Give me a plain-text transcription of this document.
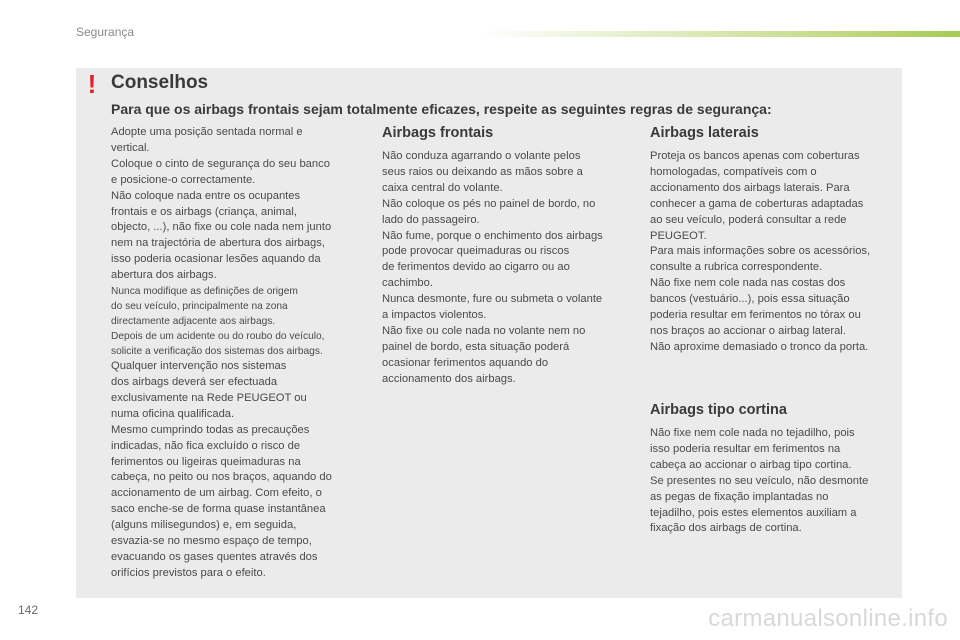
Segurança
! Conselhos
Para que os airbags frontais sejam totalmente eficazes, respeite as seguintes regras de segurança:

Adopte uma posição sentada normal e

vertical.

Coloque o cinto de segurança do seu banco

e posicione-o correctamente.

Não coloque nada entre os ocupantes

frontais e os airbags (criança, animal,

objecto, ...), não fixe ou cole nada nem junto

nem na trajectória de abertura dos airbags,

isso poderia ocasionar lesões aquando da

abertura dos airbags.

Nunca modifique as definições de origem

do seu veículo, principalmente na zona

directamente adjacente aos airbags.

Depois de um acidente ou do roubo do veículo,

solicite a verificação dos sistemas dos airbags.

Qualquer intervenção nos sistemas

dos airbags deverá ser efectuada

exclusivamente na Rede PEUGEOT ou

numa oficina qualificada.

Mesmo cumprindo todas as precauções

indicadas, não fica excluído o risco de

ferimentos ou ligeiras queimaduras na

cabeça, no peito ou nos braços, aquando do

accionamento de um airbag. Com efeito, o

saco enche-se de forma quase instantânea

(alguns milisegundos) e, em seguida,

esvazia-se no mesmo espaço de tempo,

evacuando os gases quentes através dos

orifícios previstos para o efeito.

Airbags frontais

Não conduza agarrando o volante pelos

seus raios ou deixando as mãos sobre a

caixa central do volante.

Não coloque os pés no painel de bordo, no

lado do passageiro.

Não fume, porque o enchimento dos airbags

pode provocar queimaduras ou riscos

de ferimentos devido ao cigarro ou ao

cachimbo.

Nunca desmonte, fure ou submeta o volante

a impactos violentos.

Não fixe ou cole nada no volante nem no

painel de bordo, esta situação poderá

ocasionar ferimentos aquando do

accionamento dos airbags.

Airbags laterais

Proteja os bancos apenas com coberturas

homologadas, compatíveis com o

accionamento dos airbags laterais. Para

conhecer a gama de coberturas adaptadas

ao seu veículo, poderá consultar a rede

PEUGEOT.

Para mais informações sobre os acessórios,

consulte a rubrica correspondente.

Não fixe nem cole nada nas costas dos

bancos (vestuário...), pois essa situação

poderia resultar em ferimentos no tórax ou

nos braços ao accionar o airbag lateral.

Não aproxime demasiado o tronco da porta.

Airbags tipo cortina

Não fixe nem cole nada no tejadilho, pois

isso poderia resultar em ferimentos na

cabeça ao accionar o airbag tipo cortina.

Se presentes no seu veículo, não desmonte

as pegas de fixação implantadas no

tejadilho, pois estes elementos auxiliam a

fixação dos airbags de cortina.

142	carmanualsonline.info
